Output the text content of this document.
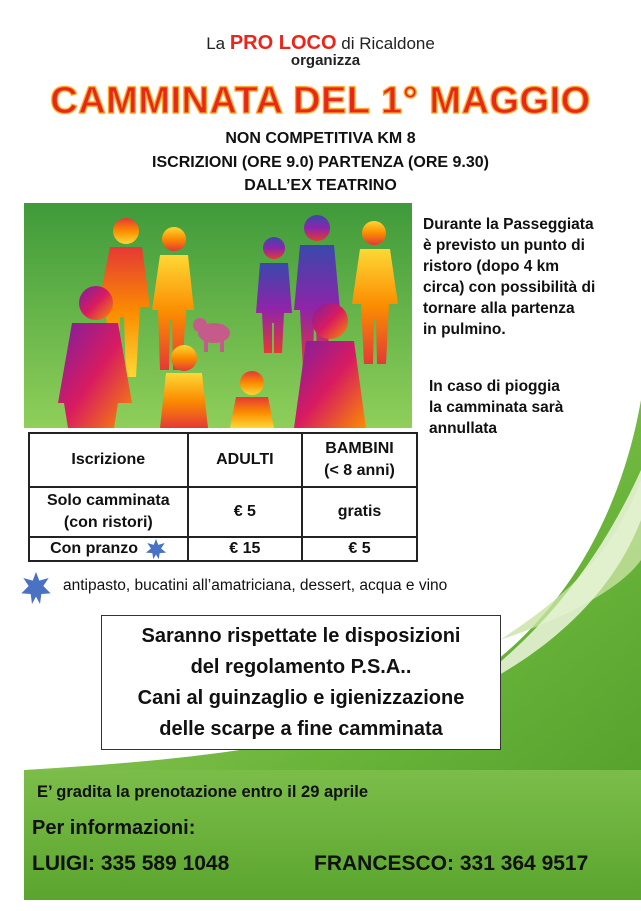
La PRO LOCO di Ricaldone
organizza
CAMMINATA DEL 1° MAGGIO
NON COMPETITIVA KM 8
ISCRIZIONI (ORE 9.0) PARTENZA (ORE 9.30)
DALL’EX TEATRINO
Durante la Passeggiata
è previsto un punto di
ristoro (dopo 4 km
circa) con possibilità di
tornare alla partenza
in pulmino.
In caso di pioggia
la camminata sarà
annullata
Iscrizione	ADULTI	BAMBINI
(< 8 anni)

Solo camminata
(con ristori)	€ 5	gratis
Con pranzo	€ 15	€ 5
antipasto, bucatini all’amatriciana, dessert, acqua e vino
Saranno rispettate le disposizioni
del regolamento P.S.A..
Cani al guinzaglio e igienizzazione
delle scarpe a fine camminata
E’ gradita la prenotazione entro il 29 aprile
Per informazioni:
LUIGI: 335 589 1048	FRANCESCO: 331 364 9517
